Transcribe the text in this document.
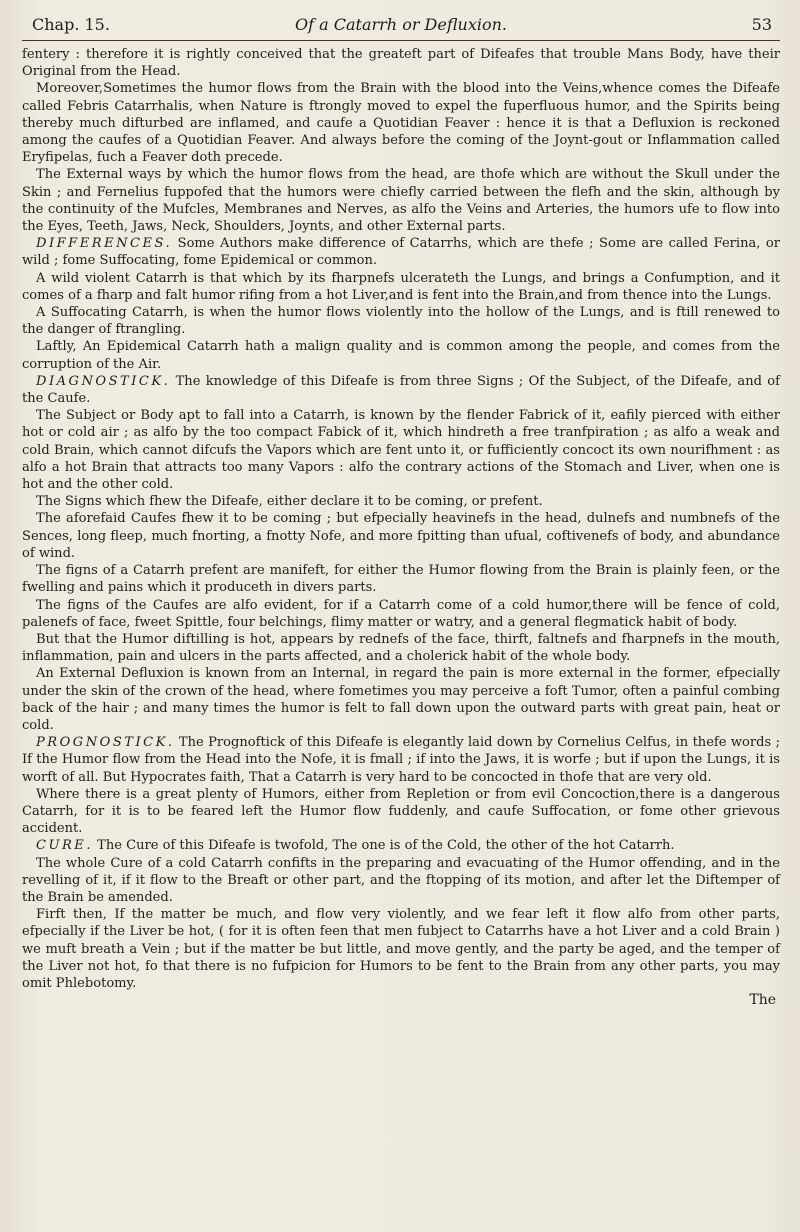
Chap. 15.	Of a Catarrh or Defluxion.	53

fentery : therefore it is rightly conceived that the greateft part of Difeafes that trouble Mans Body, have their Original from the Head.

Moreover,Sometimes the humor flows from the Brain with the blood into the Veins,whence comes the Difeafe called Febris Catarrhalis, when Nature is ftrongly moved to expel the fuperfluous humor, and the Spirits being thereby much difturbed are inflamed, and caufe a Quotidian Feaver : hence it is that a Defluxion is reckoned among the caufes of a Quotidian Feaver. And always before the coming of the Joynt-gout or Inflammation called Eryfipelas, fuch a Feaver doth precede.

The External ways by which the humor flows from the head, are thofe which are without the Skull under the Skin ; and Fernelius fuppofed that the humors were chiefly carried between the flefh and the skin, although by the continuity of the Mufcles, Membranes and Nerves, as alfo the Veins and Arteries, the humors ufe to flow into the Eyes, Teeth, Jaws, Neck, Shoulders, Joynts, and other External parts.

DIFFERENCES. Some Authors make difference of Catarrhs, which are thefe ; Some are called Ferina, or wild ; fome Suffocating, fome Epidemical or common.

A wild violent Catarrh is that which by its fharpnefs ulcerateth the Lungs, and brings a Confumption, and it comes of a fharp and falt humor rifing from a hot Liver,and is fent into the Brain,and from thence into the Lungs.

A Suffocating Catarrh, is when the humor flows violently into the hollow of the Lungs, and is ftill renewed to the danger of ftrangling.

Laftly, An Epidemical Catarrh hath a malign quality and is common among the people, and comes from the corruption of the Air.

DIAGNOSTICK. The knowledge of this Difeafe is from three Signs ; Of the Subject, of the Difeafe, and of the Caufe.

The Subject or Body apt to fall into a Catarrh, is known by the flender Fabrick of it, eafily pierced with either hot or cold air ; as alfo by the too compact Fabick of it, which hindreth a free tranfpiration ; as alfo a weak and cold Brain, which cannot difcufs the Vapors which are fent unto it, or fufficiently concoct its own nourifhment : as alfo a hot Brain that attracts too many Vapors : alfo the contrary actions of the Stomach and Liver, when one is hot and the other cold.

The Signs which fhew the Difeafe, either declare it to be coming, or prefent.

The aforefaid Caufes fhew it to be coming ; but efpecially heavinefs in the head, dulnefs and numbnefs of the Sences, long fleep, much fnorting, a fnotty Nofe, and more fpitting than ufual, coftivenefs of body, and abundance of wind.

The figns of a Catarrh prefent are manifeft, for either the Humor flowing from the Brain is plainly feen, or the fwelling and pains which it produceth in divers parts.

The figns of the Caufes are alfo evident, for if a Catarrh come of a cold humor,there will be fence of cold, palenefs of face, fweet Spittle, four belchings, flimy matter or watry, and a general flegmatick habit of body.

But that the Humor diftilling is hot, appears by rednefs of the face, thirft, faltnefs and fharpnefs in the mouth, inflammation, pain and ulcers in the parts affected, and a cholerick habit of the whole body.

An External Defluxion is known from an Internal, in regard the pain is more external in the former, efpecially under the skin of the crown of the head, where fometimes you may perceive a foft Tumor, often a painful combing back of the hair ; and many times the humor is felt to fall down upon the outward parts with great pain, heat or cold.

PROGNOSTICK. The Prognoftick of this Difeafe is elegantly laid down by Cornelius Celfus, in thefe words ; If the Humor flow from the Head into the Nofe, it is fmall ; if into the Jaws, it is worfe ; but if upon the Lungs, it is worft of all. But Hypocrates faith, That a Catarrh is very hard to be concocted in thofe that are very old.

Where there is a great plenty of Humors, either from Repletion or from evil Concoction,there is a dangerous Catarrh, for it is to be feared left the Humor flow fuddenly, and caufe Suffocation, or fome other grievous accident.

CURE. The Cure of this Difeafe is twofold, The one is of the Cold, the other of the hot Catarrh.

The whole Cure of a cold Catarrh confifts in the preparing and evacuating of the Humor offending, and in the revelling of it, if it flow to the Breaft or other part, and the ftopping of its motion, and after let the Diftemper of the Brain be amended.

Firft then, If the matter be much, and flow very violently, and we fear left it flow alfo from other parts, efpecially if the Liver be hot, ( for it is often feen that men fubject to Catarrhs have a hot Liver and a cold Brain ) we muft breath a Vein ; but if the matter be but little, and move gently, and the party be aged, and the temper of the Liver not hot, fo that there is no fufpicion for Humors to be fent to the Brain from any other parts, you may omit Phlebotomy.

The
